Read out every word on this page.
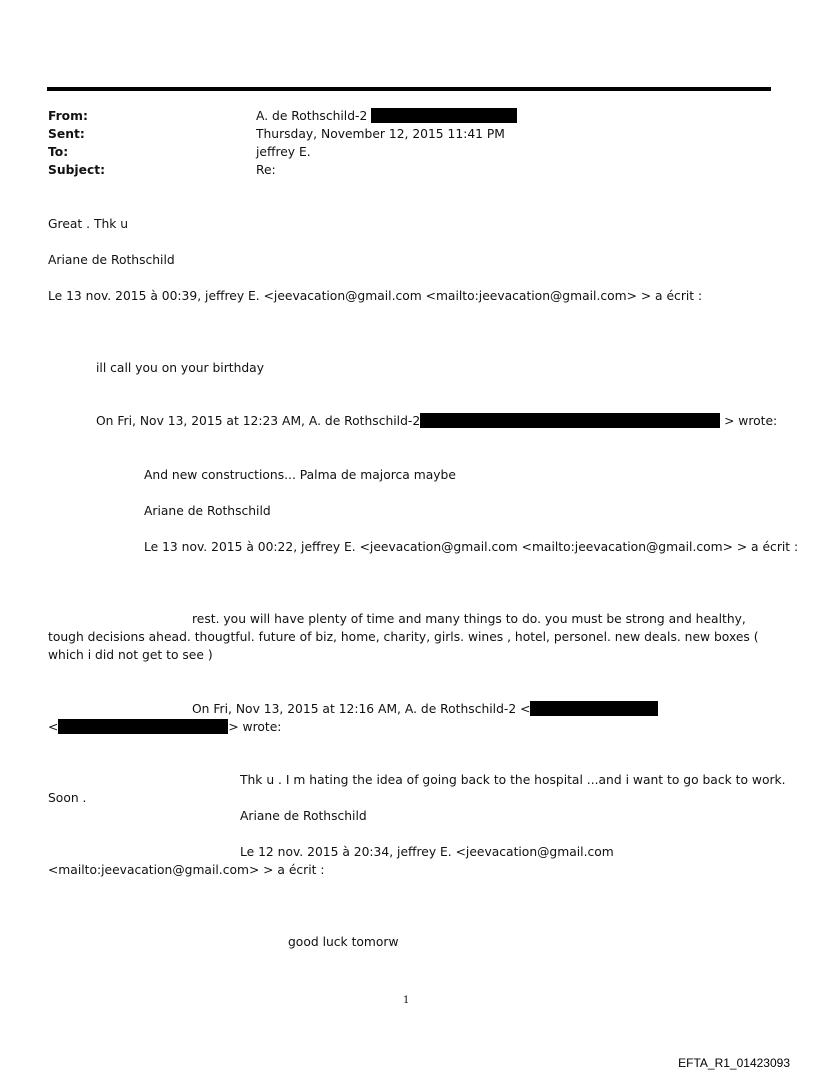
From:	A. de Rothschild-2
Sent:	Thursday, November 12, 2015 11:41 PM
To:	jeffrey E.
Subject:	Re:
Great . Thk u
Ariane de Rothschild
Le 13 nov. 2015 à 00:39, jeffrey E. <jeevacation@gmail.com <mailto:jeevacation@gmail.com> > a écrit :
ill call you on your birthday
On Fri, Nov 13, 2015 at 12:23 AM, A. de Rothschild-2	> wrote:
And new constructions... Palma de majorca maybe
Ariane de Rothschild
Le 13 nov. 2015 à 00:22, jeffrey E. <jeevacation@gmail.com <mailto:jeevacation@gmail.com> > a écrit :
rest. you will have plenty of time and many things to do. you must be strong and healthy,
tough decisions ahead. thougtful. future of biz, home, charity, girls. wines , hotel, personel. new deals. new boxes (
which i did not get to see )
On Fri, Nov 13, 2015 at 12:16 AM, A. de Rothschild-2 <
<	> wrote:
Thk u . I m hating the idea of going back to the hospital ...and i want to go back to work.
Soon .
Ariane de Rothschild
Le 12 nov. 2015 à 20:34, jeffrey E. <jeevacation@gmail.com
<mailto:jeevacation@gmail.com> > a écrit :
good luck tomorw
1
EFTA_R1_01423093
